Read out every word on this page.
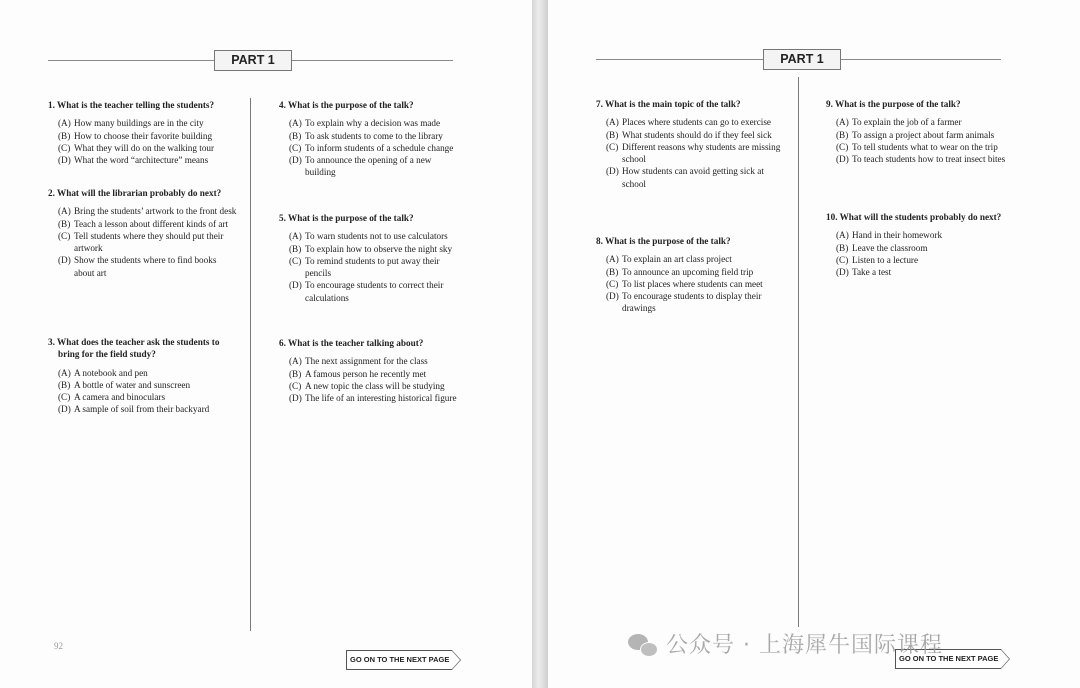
PART 1
1. What is the teacher telling the students?
(A) How many buildings are in the city
(B) How to choose their favorite building
(C) What they will do on the walking tour
(D) What the word “architecture” means
2. What will the librarian probably do next?
(A) Bring the students’ artwork to the front desk
(B) Teach a lesson about different kinds of art
(C) Tell students where they should put their artwork
(D) Show the students where to find books about art
3. What does the teacher ask the students to bring for the field study?
(A) A notebook and pen
(B) A bottle of water and sunscreen
(C) A camera and binoculars
(D) A sample of soil from their backyard
4. What is the purpose of the talk?
(A) To explain why a decision was made
(B) To ask students to come to the library
(C) To inform students of a schedule change
(D) To announce the opening of a new building
5. What is the purpose of the talk?
(A) To warn students not to use calculators
(B) To explain how to observe the night sky
(C) To remind students to put away their pencils
(D) To encourage students to correct their calculations
6. What is the teacher talking about?
(A) The next assignment for the class
(B) A famous person he recently met
(C) A new topic the class will be studying
(D) The life of an interesting historical figure
92
GO ON TO THE NEXT PAGE
PART 1
7. What is the main topic of the talk?
(A) Places where students can go to exercise
(B) What students should do if they feel sick
(C) Different reasons why students are missing school
(D) How students can avoid getting sick at school
8. What is the purpose of the talk?
(A) To explain an art class project
(B) To announce an upcoming field trip
(C) To list places where students can meet
(D) To encourage students to display their drawings
9. What is the purpose of the talk?
(A) To explain the job of a farmer
(B) To assign a project about farm animals
(C) To tell students what to wear on the trip
(D) To teach students how to treat insect bites
10. What will the students probably do next?
(A) Hand in their homework
(B) Leave the classroom
(C) Listen to a lecture
(D) Take a test
GO ON TO THE NEXT PAGE
公众号 · 上海犀牛国际课程
